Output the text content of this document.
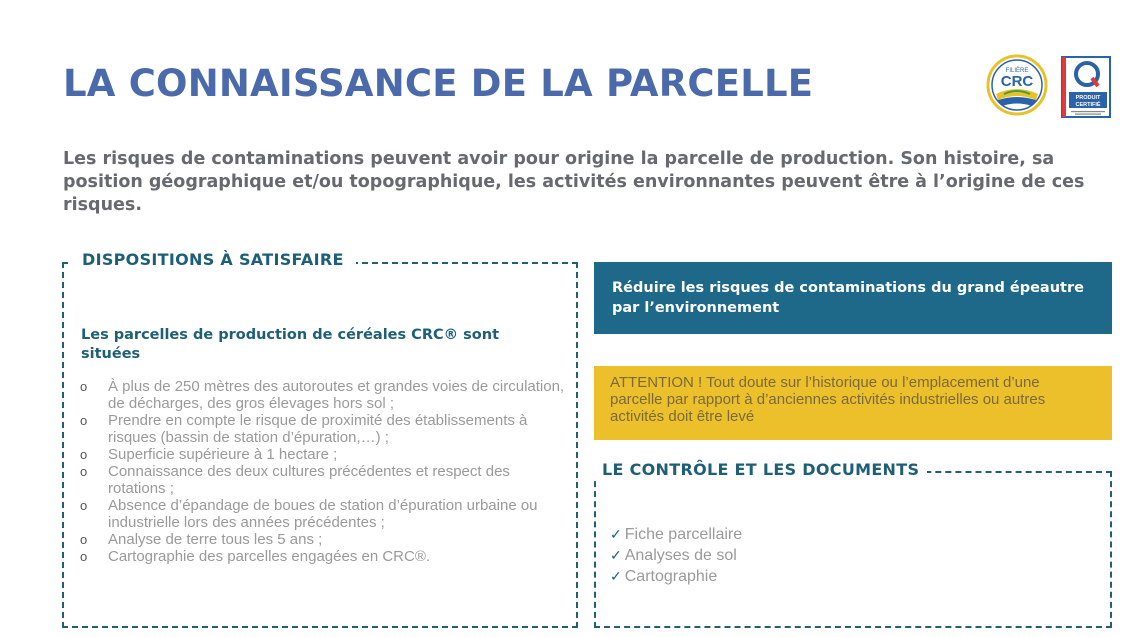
LA CONNAISSANCE DE LA PARCELLE	FILIÈRE
CRC
PRODUIT
CERTIFIÉ
Les risques de contaminations peuvent avoir pour origine la parcelle de production. Son histoire, sa position géographique et/ou topographique, les activités environnantes peuvent être à l’origine de ces risques.
DISPOSITIONS À SATISFAIRE
Les parcelles de production de céréales CRC® sont situées
o À plus de 250 mètres des autoroutes et grandes voies de circulation, de décharges, des gros élevages hors sol ;
o Prendre en compte le risque de proximité des établissements à risques (bassin de station d’épuration,…) ;
o Superficie supérieure à 1 hectare ;
o Connaissance des deux cultures précédentes et respect des rotations ;
o Absence d’épandage de boues de station d’épuration urbaine ou industrielle lors des années précédentes ;
o Analyse de terre tous les 5 ans ;
o Cartographie des parcelles engagées en CRC®.
Réduire les risques de contaminations du grand épeautre par l’environnement
ATTENTION ! Tout doute sur l’historique ou l’emplacement d’une parcelle par rapport à d’anciennes activités industrielles ou autres activités doit être levé
LE CONTRÔLE ET LES DOCUMENTS
✓ Fiche parcellaire
✓ Analyses de sol
✓ Cartographie
